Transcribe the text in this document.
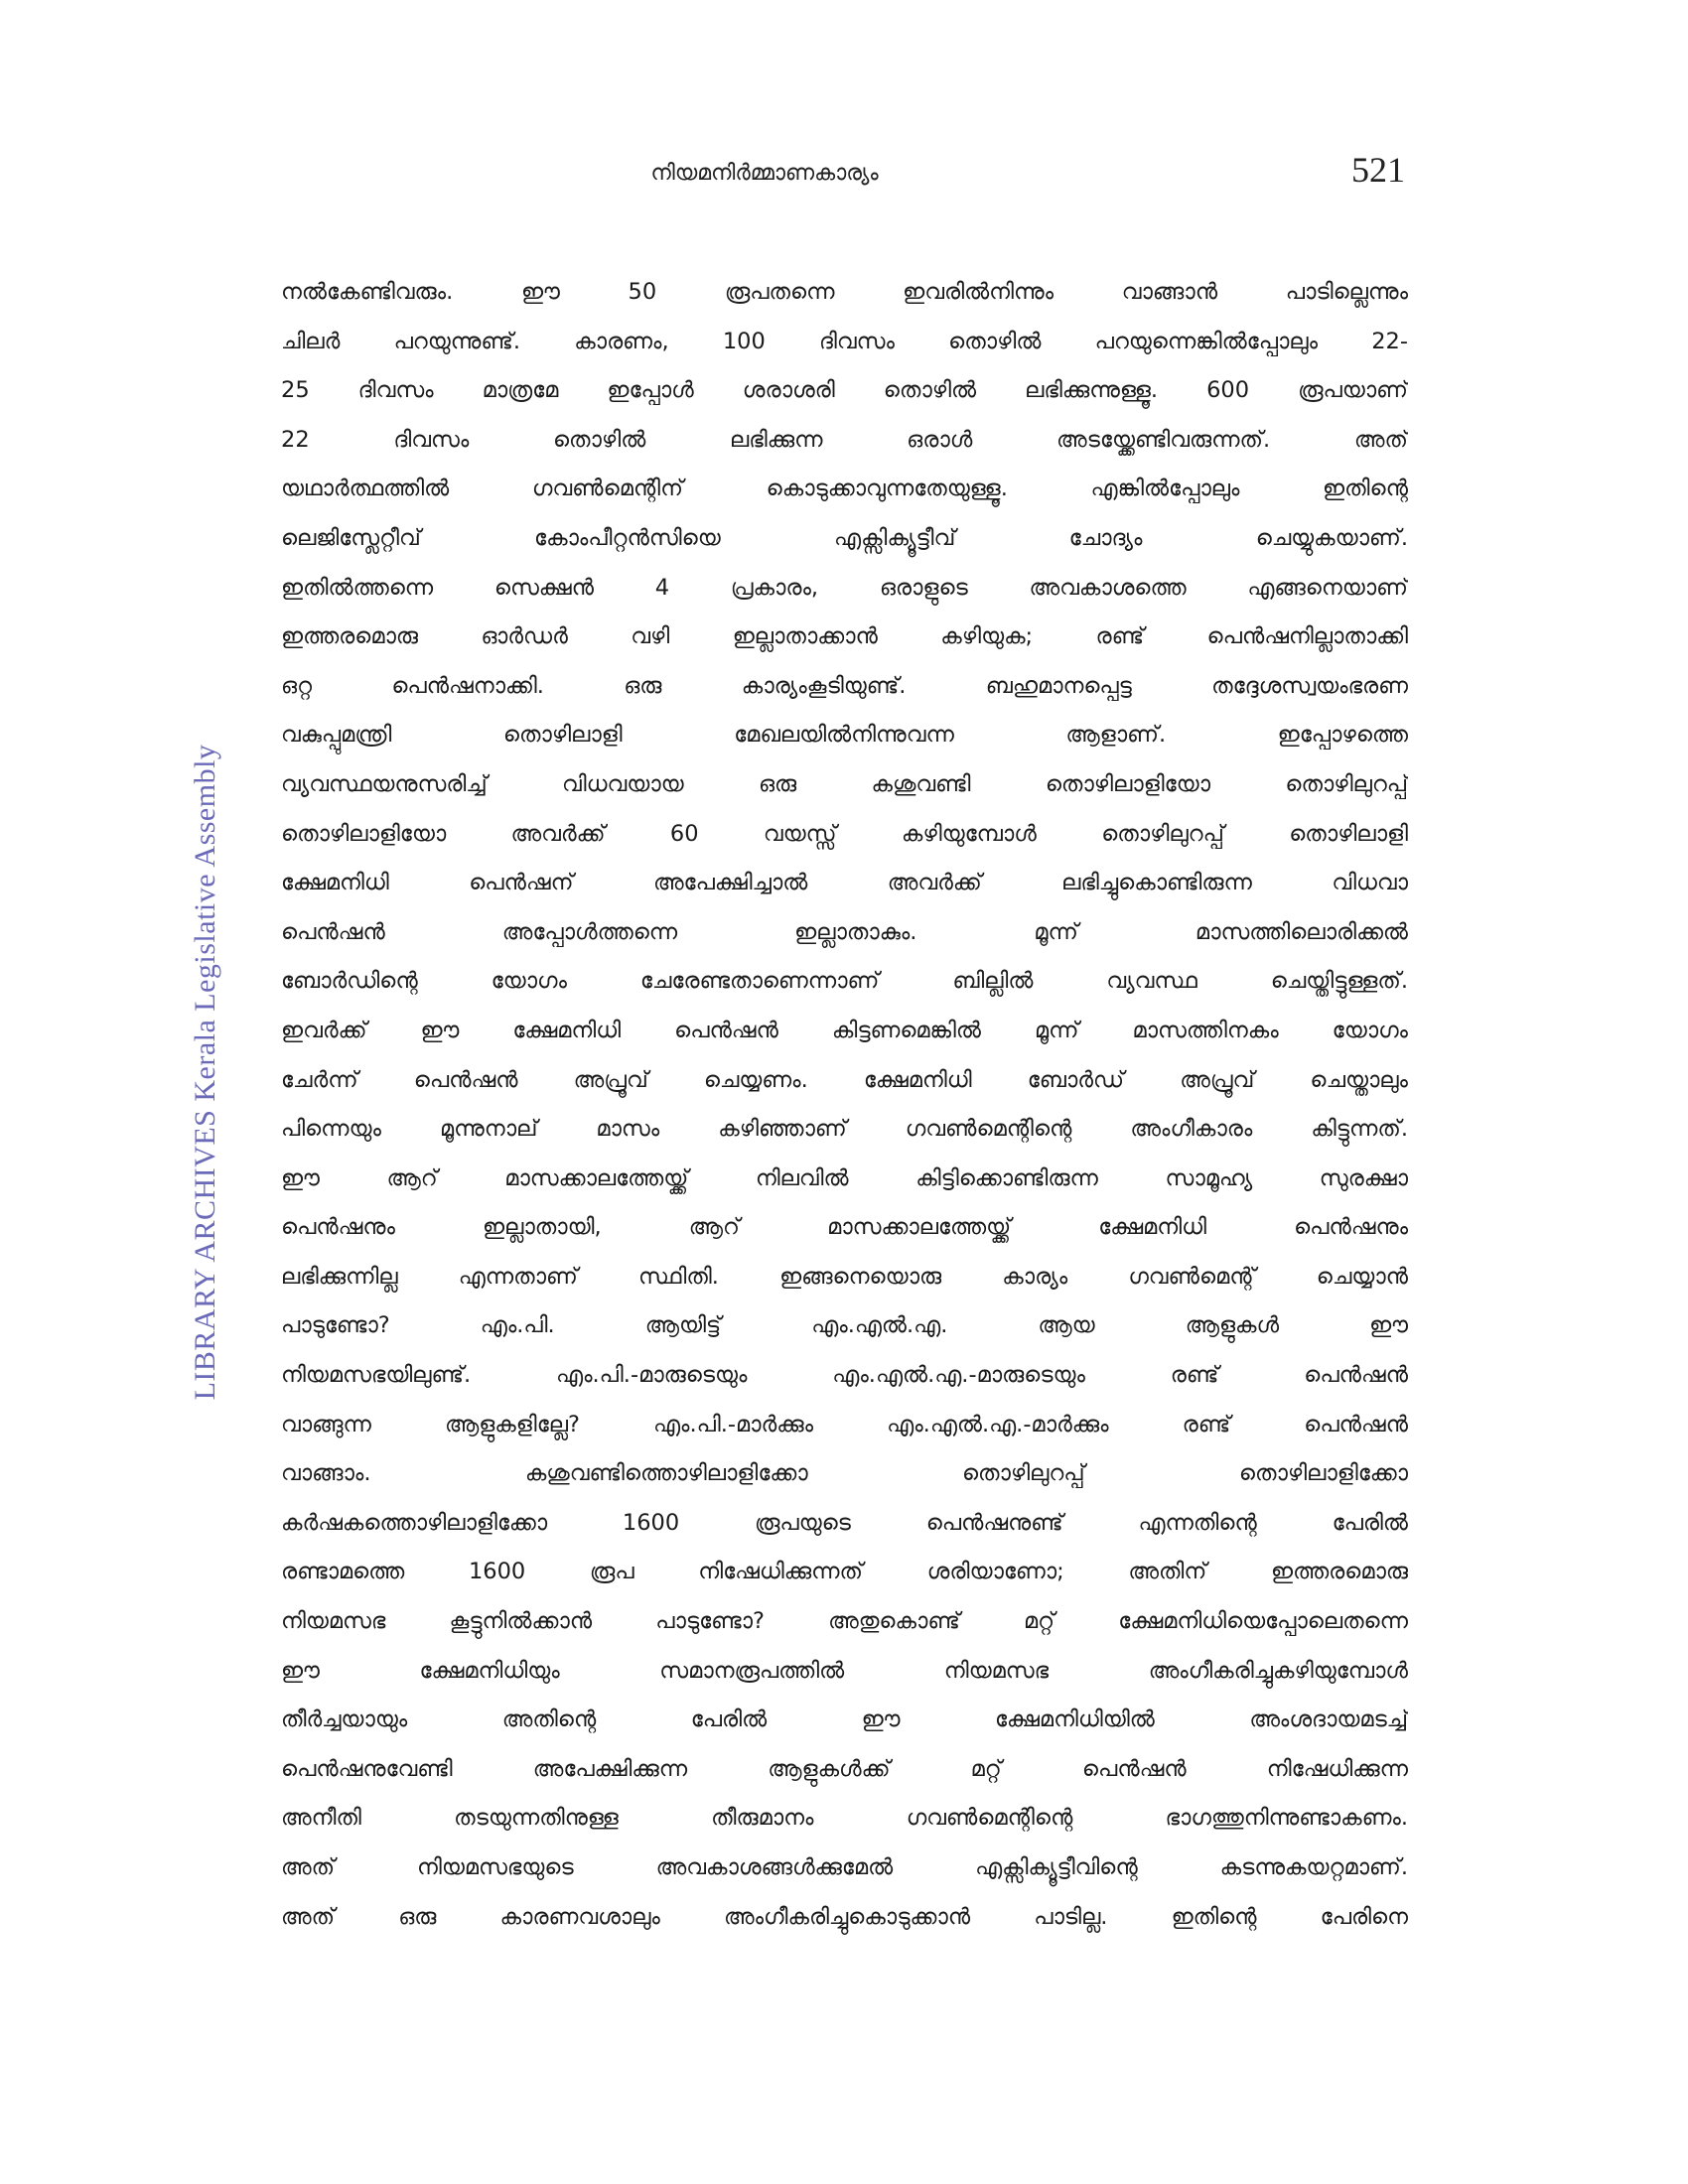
നിയമനിർമ്മാണകാര്യം	521
LIBRARY ARCHIVES Kerala Legislative Assembly
നൽകേണ്ടിവരും. ഈ 50 രൂപതന്നെ ഇവരിൽനിന്നും വാങ്ങാൻ പാടില്ലെന്നും
ചിലർ പറയുന്നുണ്ട്. കാരണം, 100 ദിവസം തൊഴിൽ പറയുന്നെങ്കിൽപ്പോലും 22-
25 ദിവസം മാത്രമേ ഇപ്പോൾ ശരാശരി തൊഴിൽ ലഭിക്കുന്നുള്ളൂ. 600 രൂപയാണ്
22 ദിവസം തൊഴിൽ ലഭിക്കുന്ന ഒരാൾ അടയ്ക്കേണ്ടിവരുന്നത്. അത്
യഥാർത്ഥത്തിൽ ഗവൺമെന്റിന് കൊടുക്കാവുന്നതേയുള്ളൂ. എങ്കിൽപ്പോലും ഇതിന്റെ
ലെജിസ്ലേറ്റീവ് കോംപീറ്റൻസിയെ എക്സിക്യൂട്ടീവ് ചോദ്യം ചെയ്യുകയാണ്.
ഇതിൽത്തന്നെ സെക്ഷൻ 4 പ്രകാരം, ഒരാളുടെ അവകാശത്തെ എങ്ങനെയാണ്
ഇത്തരമൊരു ഓർഡർ വഴി ഇല്ലാതാക്കാൻ കഴിയുക; രണ്ട് പെൻഷനില്ലാതാക്കി
ഒറ്റ പെൻഷനാക്കി. ഒരു കാര്യംകൂടിയുണ്ട്. ബഹുമാനപ്പെട്ട തദ്ദേശസ്വയംഭരണ
വകുപ്പുമന്ത്രി തൊഴിലാളി മേഖലയിൽനിന്നുവന്ന ആളാണ്. ഇപ്പോഴത്തെ
വ്യവസ്ഥയനുസരിച്ച് വിധവയായ ഒരു കശുവണ്ടി തൊഴിലാളിയോ തൊഴിലുറപ്പ്
തൊഴിലാളിയോ അവർക്ക് 60 വയസ്സ് കഴിയുമ്പോൾ തൊഴിലുറപ്പ് തൊഴിലാളി
ക്ഷേമനിധി പെൻഷന് അപേക്ഷിച്ചാൽ അവർക്ക് ലഭിച്ചുകൊണ്ടിരുന്ന വിധവാ
പെൻഷൻ അപ്പോൾത്തന്നെ ഇല്ലാതാകും. മൂന്ന് മാസത്തിലൊരിക്കൽ
ബോർഡിന്റെ യോഗം ചേരേണ്ടതാണെന്നാണ് ബില്ലിൽ വ്യവസ്ഥ ചെയ്തിട്ടുള്ളത്.
ഇവർക്ക് ഈ ക്ഷേമനിധി പെൻഷൻ കിട്ടണമെങ്കിൽ മൂന്ന് മാസത്തിനകം യോഗം
ചേർന്ന് പെൻഷൻ അപ്രൂവ് ചെയ്യണം. ക്ഷേമനിധി ബോർഡ് അപ്രൂവ് ചെയ്താലും
പിന്നെയും മൂന്നുനാല് മാസം കഴിഞ്ഞാണ് ഗവൺമെന്റിന്റെ അംഗീകാരം കിട്ടുന്നത്.
ഈ ആറ് മാസക്കാലത്തേയ്ക്ക് നിലവിൽ കിട്ടിക്കൊണ്ടിരുന്ന സാമൂഹ്യ സുരക്ഷാ
പെൻഷനും ഇല്ലാതായി, ആറ് മാസക്കാലത്തേയ്ക്ക് ക്ഷേമനിധി പെൻഷനും
ലഭിക്കുന്നില്ല എന്നതാണ് സ്ഥിതി. ഇങ്ങനെയൊരു കാര്യം ഗവൺമെന്റ് ചെയ്യാൻ
പാടുണ്ടോ? എം.പി. ആയിട്ട് എം.എൽ.എ. ആയ ആളുകൾ ഈ
നിയമസഭയിലുണ്ട്. എം.പി.-മാരുടെയും എം.എൽ.എ.-മാരുടെയും രണ്ട് പെൻഷൻ
വാങ്ങുന്ന ആളുകളില്ലേ? എം.പി.-മാർക്കും എം.എൽ.എ.-മാർക്കും രണ്ട് പെൻഷൻ
വാങ്ങാം. കശുവണ്ടിത്തൊഴിലാളിക്കോ തൊഴിലുറപ്പ് തൊഴിലാളിക്കോ
കർഷകത്തൊഴിലാളിക്കോ 1600 രൂപയുടെ പെൻഷനുണ്ട് എന്നതിന്റെ പേരിൽ
രണ്ടാമത്തെ 1600 രൂപ നിഷേധിക്കുന്നത് ശരിയാണോ; അതിന് ഇത്തരമൊരു
നിയമസഭ കൂട്ടുനിൽക്കാൻ പാടുണ്ടോ? അതുകൊണ്ട് മറ്റ് ക്ഷേമനിധിയെപ്പോലെതന്നെ
ഈ ക്ഷേമനിധിയും സമാനരൂപത്തിൽ നിയമസഭ അംഗീകരിച്ചുകഴിയുമ്പോൾ
തീർച്ചയായും അതിന്റെ പേരിൽ ഈ ക്ഷേമനിധിയിൽ അംശദായമടച്ച്
പെൻഷനുവേണ്ടി അപേക്ഷിക്കുന്ന ആളുകൾക്ക് മറ്റ് പെൻഷൻ നിഷേധിക്കുന്ന
അനീതി തടയുന്നതിനുള്ള തീരുമാനം ഗവൺമെന്റിന്റെ ഭാഗത്തുനിന്നുണ്ടാകണം.
അത് നിയമസഭയുടെ അവകാശങ്ങൾക്കുമേൽ എക്സിക്യൂട്ടീവിന്റെ കടന്നുകയറ്റമാണ്.
അത് ഒരു കാരണവശാലും അംഗീകരിച്ചുകൊടുക്കാൻ പാടില്ല. ഇതിന്റെ പേരിനെ
